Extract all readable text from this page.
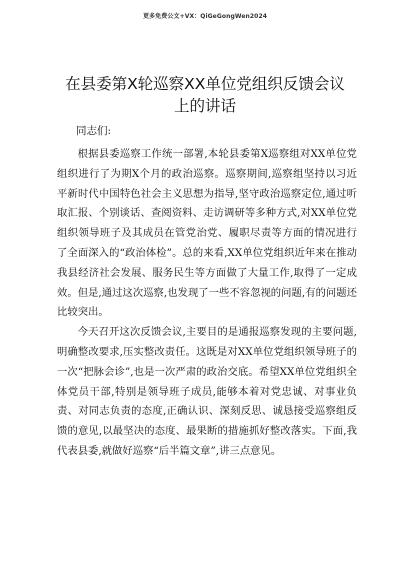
更多免费公文+VX：QiGeGongWen2024
在县委第X轮巡察XX单位党组织反馈会议上的讲话

同志们:

根据县委巡察工作统一部署,本轮县委第X巡察组对XX单位党组织进行了为期X个月的政治巡察。巡察期间,巡察组坚持以习近平新时代中国特色社会主义思想为指导,坚守政治巡察定位,通过听取汇报、个别谈话、查阅资料、走访调研等多种方式,对XX单位党组织领导班子及其成员在管党治党、履职尽责等方面的情况进行了全面深入的“政治体检”。总的来看,XX单位党组织近年来在推动我县经济社会发展、服务民生等方面做了大量工作,取得了一定成效。但是,通过这次巡察,也发现了一些不容忽视的问题,有的问题还比较突出。

今天召开这次反馈会议,主要目的是通报巡察发现的主要问题,明确整改要求,压实整改责任。这既是对XX单位党组织领导班子的一次“把脉会诊”,也是一次严肃的政治交底。希望XX单位党组织全体党员干部,特别是领导班子成员,能够本着对党忠诚、对事业负责、对同志负责的态度,正确认识、深刻反思、诚恳接受巡察组反馈的意见,以最坚决的态度、最果断的措施抓好整改落实。下面,我代表县委,就做好巡察“后半篇文章”,讲三点意见。
